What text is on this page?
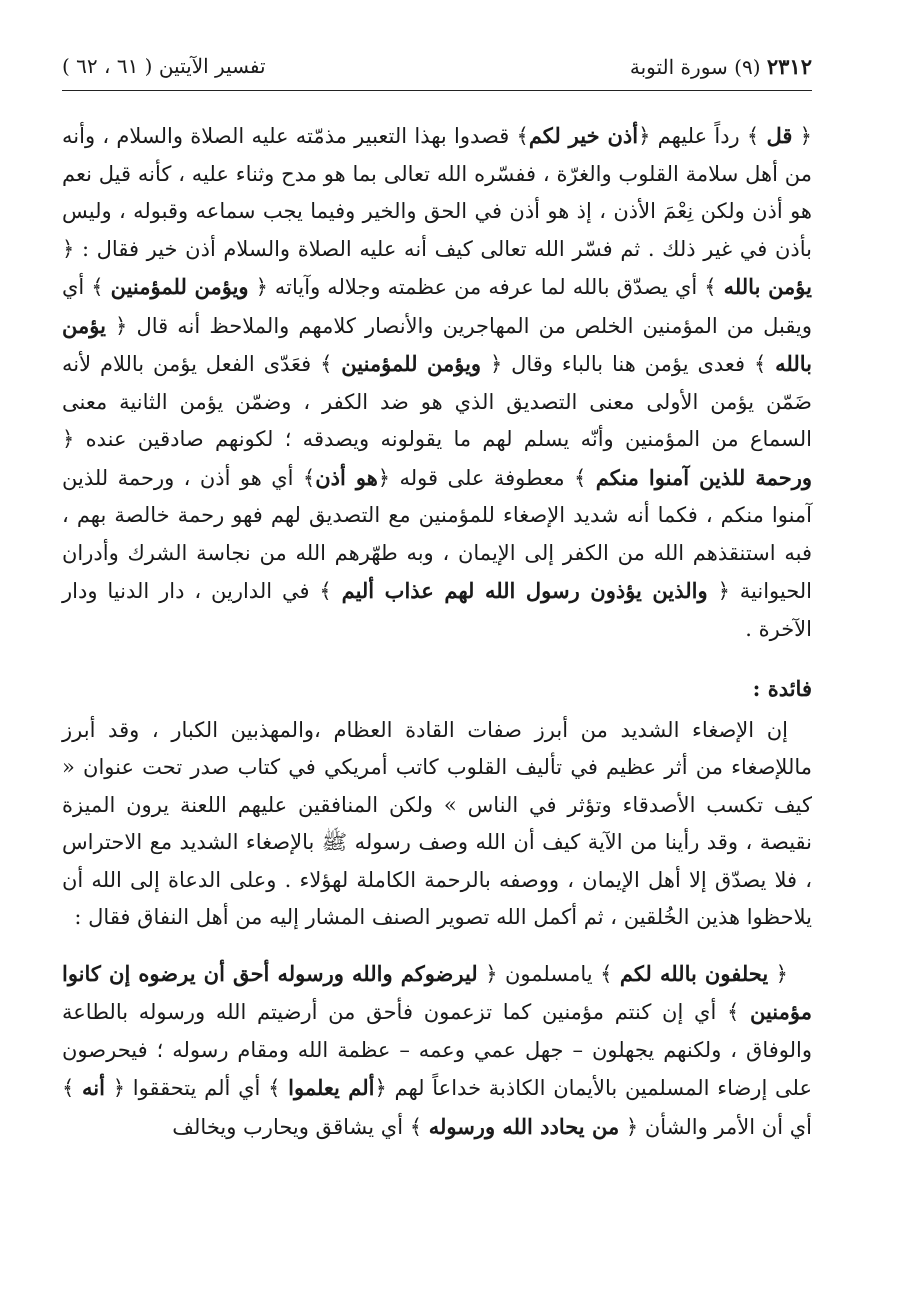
٢٣١٢ (٩) سورة التوبة
تفسير الآيتين ( ٦١ ، ٦٢ )

﴿ قل ﴾ رداً عليهم ﴿أذن خير لكم﴾ قصدوا بهذا التعبير مذمّته عليه الصلاة والسلام ، وأنه من أهل سلامة القلوب والغرّة ، ففسّره الله تعالى بما هو مدح وثناء عليه ، كأنه قيل نعم هو أذن ولكن نِعْمَ الأذن ، إذ هو أذن في الحق والخير وفيما يجب سماعه وقبوله ، وليس بأذن في غير ذلك . ثم فسّر الله تعالى كيف أنه عليه الصلاة والسلام أذن خير فقال : ﴿ يؤمن بالله ﴾ أي يصدّق بالله لما عرفه من عظمته وجلاله وآياته ﴿ ويؤمن للمؤمنين ﴾ أي ويقبل من المؤمنين الخلص من المهاجرين والأنصار كلامهم والملاحظ أنه قال ﴿ يؤمن بالله ﴾ فعدى يؤمن هنا بالباء وقال ﴿ ويؤمن للمؤمنين ﴾ فعَدّى الفعل يؤمن باللام لأنه ضَمّن يؤمن الأولى معنى التصديق الذي هو ضد الكفر ، وضمّن يؤمن الثانية معنى السماع من المؤمنين وأنّه يسلم لهم ما يقولونه ويصدقه ؛ لكونهم صادقين عنده ﴿ ورحمة للذين آمنوا منكم ﴾ معطوفة على قوله ﴿هو أذن﴾ أي هو أذن ، ورحمة للذين آمنوا منكم ، فكما أنه شديد الإصغاء للمؤمنين مع التصديق لهم فهو رحمة خالصة بهم ، فبه استنقذهم الله من الكفر إلى الإيمان ، وبه طهّرهم الله من نجاسة الشرك وأدران الحيوانية ﴿ والذين يؤذون رسول الله لهم عذاب أليم ﴾ في الدارين ، دار الدنيا ودار الآخرة .

فائدة :

إن الإصغاء الشديد من أبرز صفات القادة العظام ،والمهذبين الكبار ، وقد أبرز ماللإصغاء من أثر عظيم في تأليف القلوب كاتب أمريكي في كتاب صدر تحت عنوان « كيف تكسب الأصدقاء وتؤثر في الناس » ولكن المنافقين عليهم اللعنة يرون الميزة نقيصة ، وقد رأينا من الآية كيف أن الله وصف رسوله ﷺ بالإصغاء الشديد مع الاحتراس ، فلا يصدّق إلا أهل الإيمان ، ووصفه بالرحمة الكاملة لهؤلاء . وعلى الدعاة إلى الله أن يلاحظوا هذين الخُلقين ، ثم أكمل الله تصوير الصنف المشار إليه من أهل النفاق فقال :

﴿ يحلفون بالله لكم ﴾ يامسلمون ﴿ ليرضوكم والله ورسوله أحق أن يرضوه إن كانوا مؤمنين ﴾ أي إن كنتم مؤمنين كما تزعمون فأحق من أرضيتم الله ورسوله بالطاعة والوفاق ، ولكنهم يجهلون – جهل عمي وعمه – عظمة الله ومقام رسوله ؛ فيحرصون على إرضاء المسلمين بالأيمان الكاذبة خداعاً لهم ﴿ألم يعلموا ﴾ أي ألم يتحققوا ﴿ أنه ﴾ أي أن الأمر والشأن ﴿ من يحادد الله ورسوله ﴾ أي يشاقق ويحارب ويخالف
